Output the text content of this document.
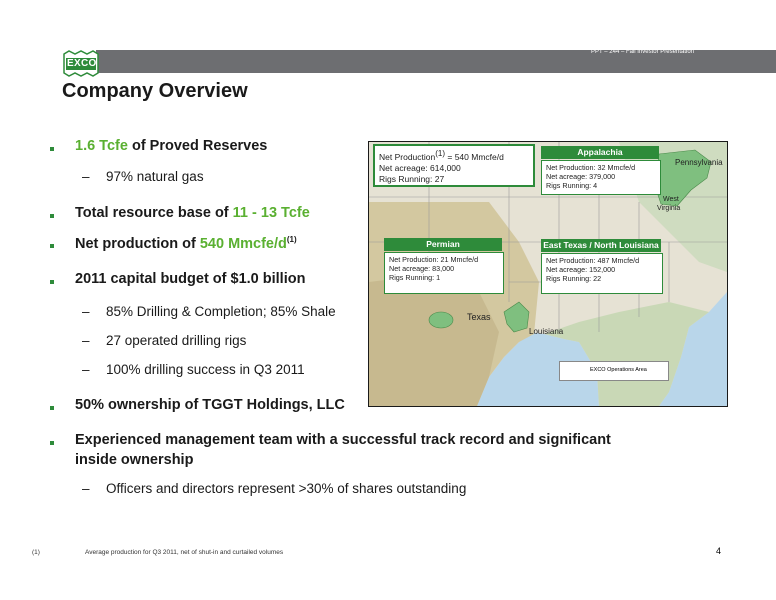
PPT – 244 – Fall Investor Presentation
EXCO
Company Overview
1.6 Tcfe of Proved Reserves
– 97% natural gas
Total resource base of 11 - 13 Tcfe
Net production of 540 Mmcfe/$d^{(1)}$
2011 capital budget of $1.0 billion
– 85% Drilling & Completion; 85% Shale
– 27 operated drilling rigs
– 100% drilling success in Q3 2011
50% ownership of TGGT Holdings, LLC
Experienced management team with a successful track record and significant
inside ownership
– Officers and directors represent >30% of shares outstanding
Net Production$^{(1)}$ = 540 Mmcfe/d
Net acreage: 614,000
Rigs Running: 27
Appalachia
Net Production: 32 Mmcfe/d
Net acreage: 379,000
Rigs Running: 4
Permian
Net Production: 21 Mmcfe/d
Net acreage: 83,000
Rigs Running: 1
East Texas / North Louisiana
Net Production: 487 Mmcfe/d
Net acreage: 152,000
Rigs Running: 22
Pennsylvania
West
Virginia
Texas
Louisiana
EXCO Operations Area
(1)	Average production for Q3 2011, net of shut-in and curtailed volumes	4
